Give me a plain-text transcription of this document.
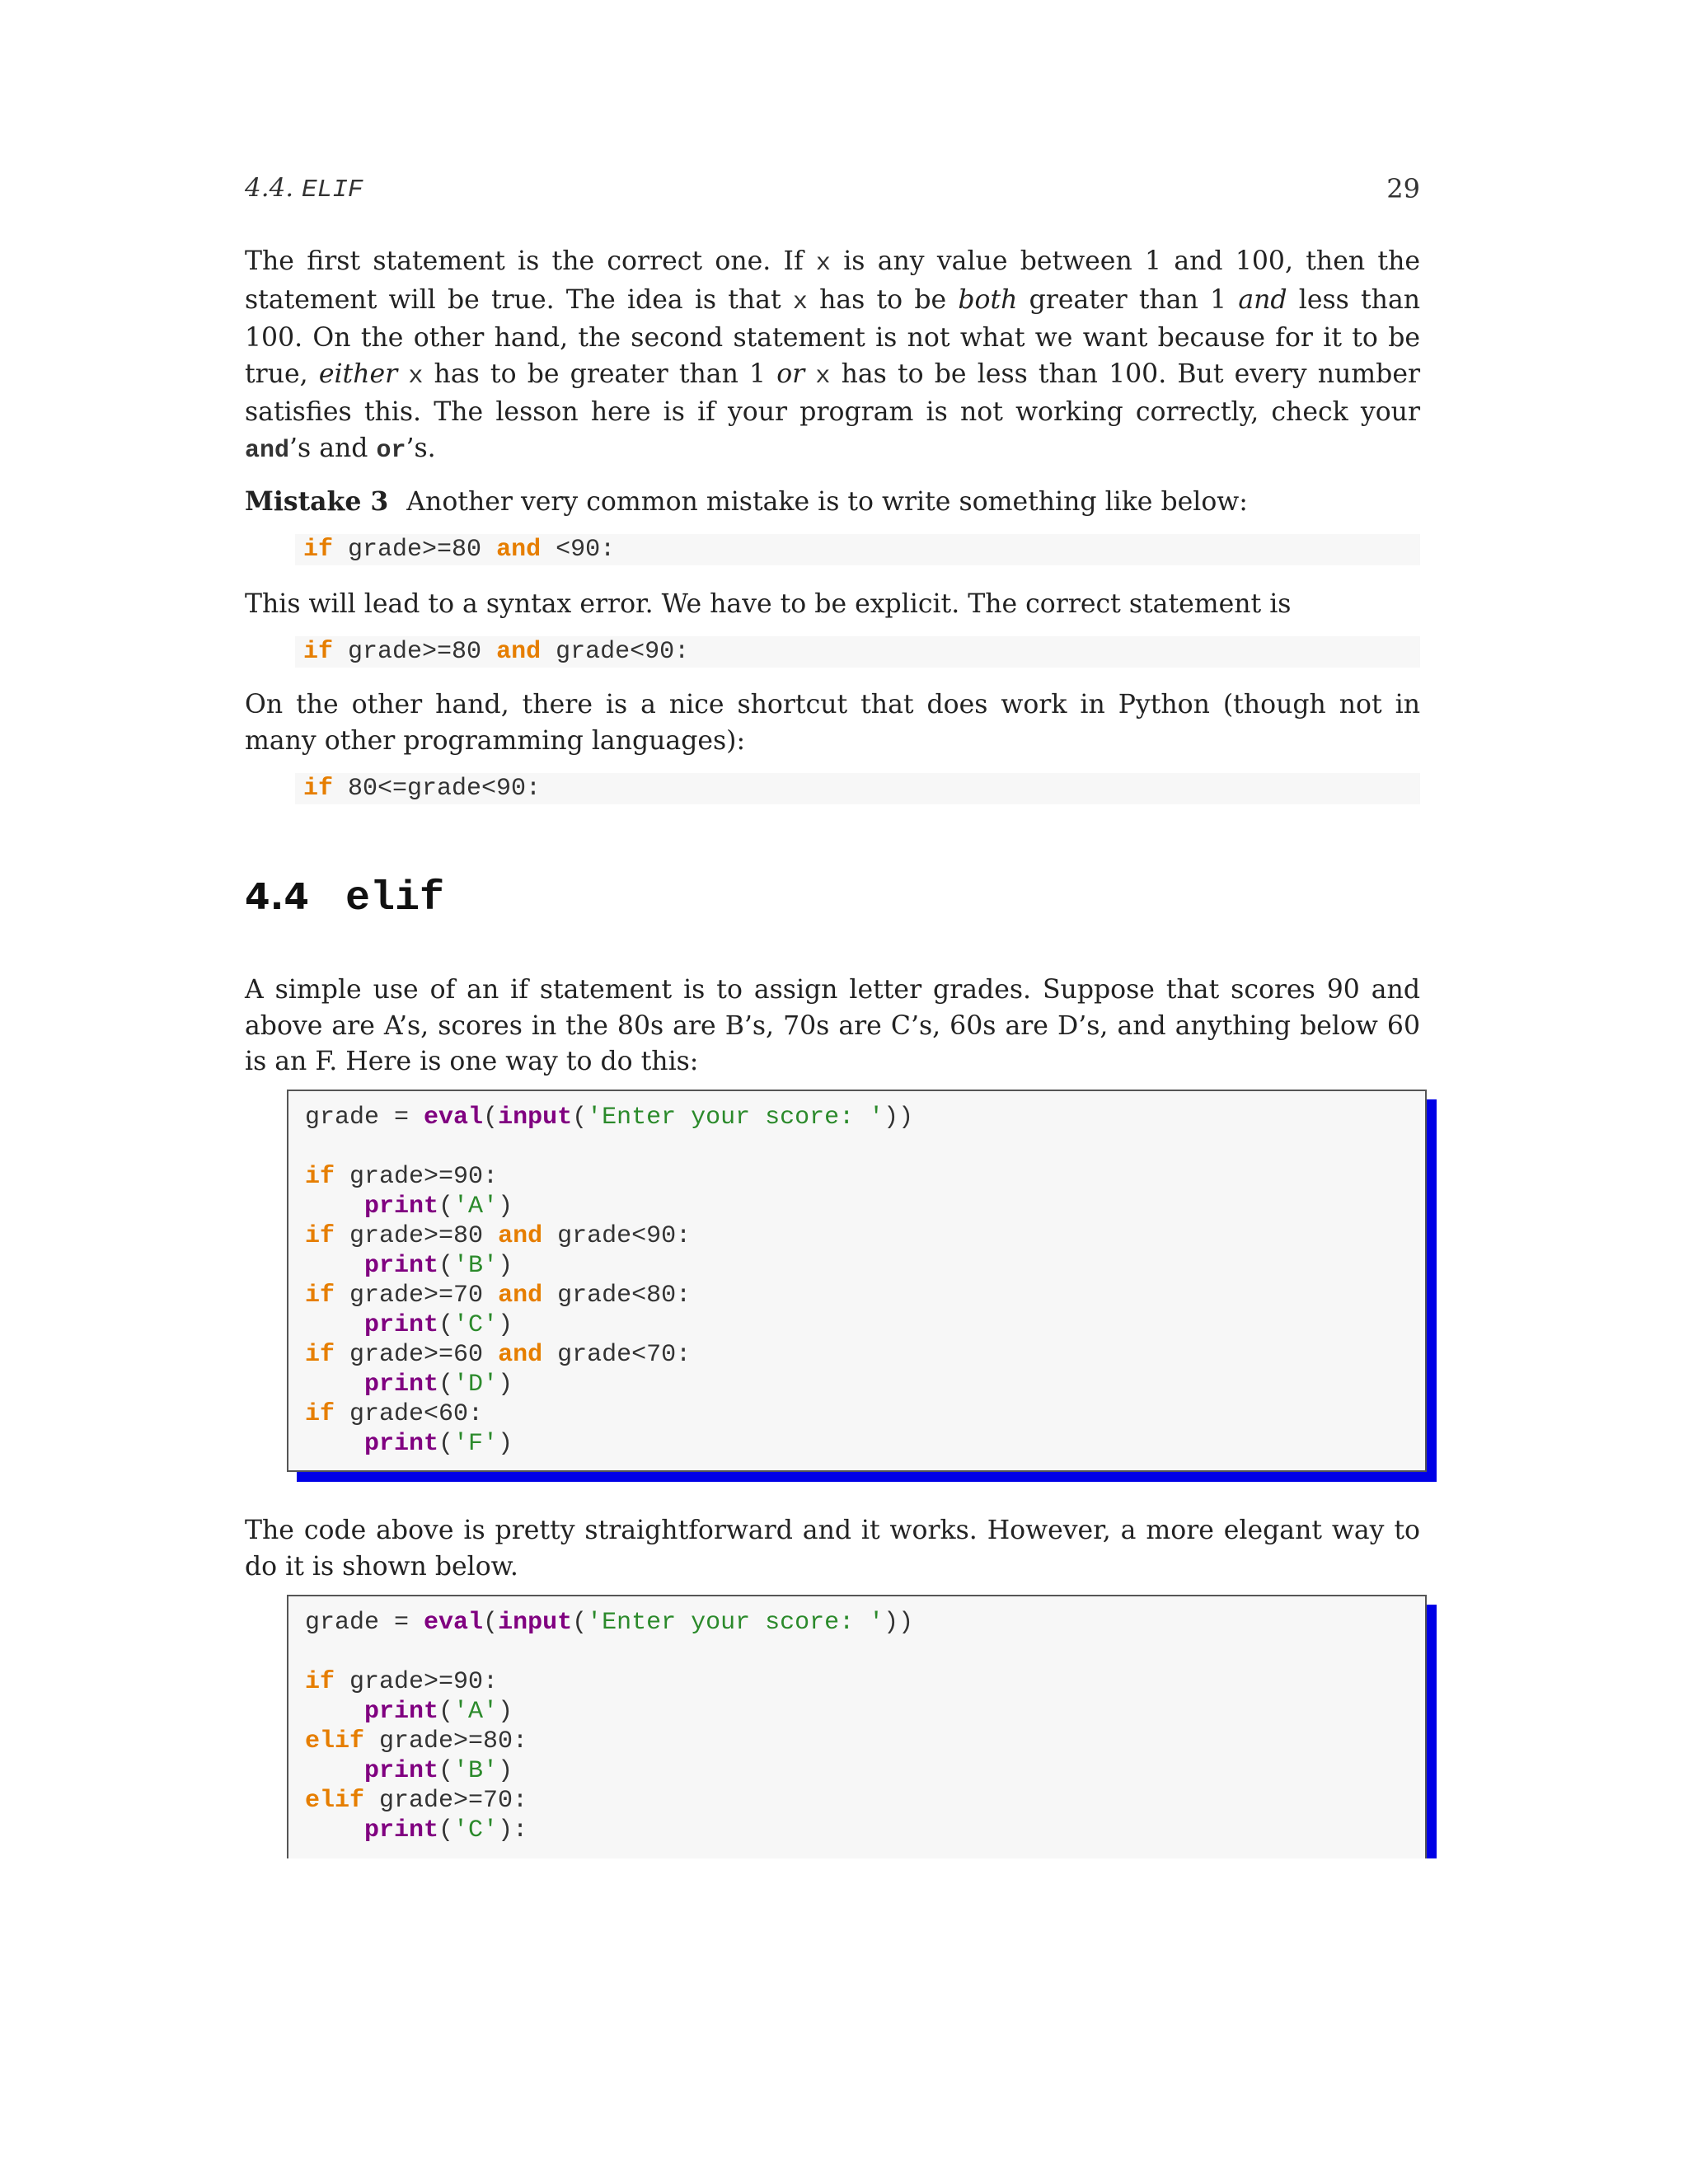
4.4. ELIF	29
The first statement is the correct one. If x is any value between 1 and 100, then the statement will be true. The idea is that x has to be both greater than 1 and less than 100. On the other hand, the second statement is not what we want because for it to be true, either x has to be greater than 1 or x has to be less than 100. But every number satisfies this. The lesson here is if your program is not working correctly, check your and’s and or’s.
Mistake 3 Another very common mistake is to write something like below:
if grade>=80 and <90:
This will lead to a syntax error. We have to be explicit. The correct statement is
if grade>=80 and grade<90:
On the other hand, there is a nice shortcut that does work in Python (though not in many other programming languages):
if 80<=grade<90:
4.4 elif
A simple use of an if statement is to assign letter grades. Suppose that scores 90 and above are A’s, scores in the 80s are B’s, 70s are C’s, 60s are D’s, and anything below 60 is an F. Here is one way to do this:
grade = eval(input('Enter your score: '))

if grade>=90:
print('A')
if grade>=80 and grade<90:
print('B')
if grade>=70 and grade<80:
print('C')
if grade>=60 and grade<70:
print('D')
if grade<60:
print('F')
The code above is pretty straightforward and it works. However, a more elegant way to do it is shown below.
grade = eval(input('Enter your score: '))

if grade>=90:
print('A')
elif grade>=80:
print('B')
elif grade>=70:
print('C'):
